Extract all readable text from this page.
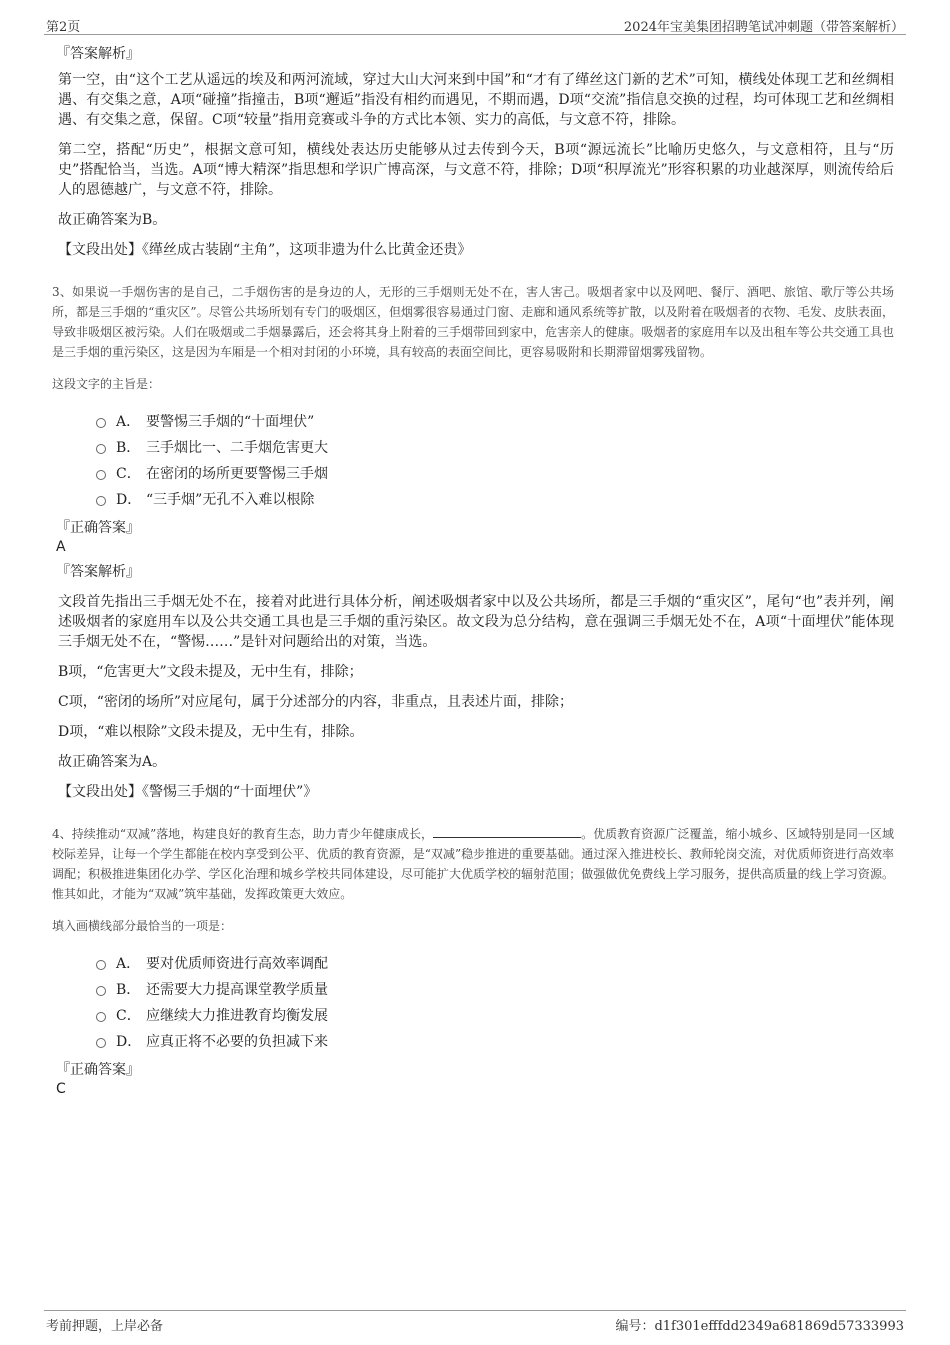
第2页	2024年宝美集团招聘笔试冲刺题（带答案解析）
『答案解析』

第一空，由“这个工艺从遥远的埃及和两河流域，穿过大山大河来到中国”和“才有了缂丝这门新的艺术”可知，横线处体现工艺和丝绸相遇、有交集之意，A项“碰撞”指撞击，B项“邂逅”指没有相约而遇见，不期而遇，D项“交流”指信息交换的过程，均可体现工艺和丝绸相遇、有交集之意，保留。C项“较量”指用竞赛或斗争的方式比本领、实力的高低，与文意不符，排除。

第二空，搭配“历史”，根据文意可知，横线处表达历史能够从过去传到今天，B项“源远流长”比喻历史悠久，与文意相符，且与“历史”搭配恰当，当选。A项“博大精深”指思想和学识广博高深，与文意不符，排除；D项“积厚流光”形容积累的功业越深厚，则流传给后人的恩德越广，与文意不符，排除。

故正确答案为B。

【文段出处】《缂丝成古装剧“主角”，这项非遗为什么比黄金还贵》

3、如果说一手烟伤害的是自己，二手烟伤害的是身边的人，无形的三手烟则无处不在，害人害己。吸烟者家中以及网吧、餐厅、酒吧、旅馆、歌厅等公共场所，都是三手烟的“重灾区”。尽管公共场所划有专门的吸烟区，但烟雾很容易通过门窗、走廊和通风系统等扩散，以及附着在吸烟者的衣物、毛发、皮肤表面，导致非吸烟区被污染。人们在吸烟或二手烟暴露后，还会将其身上附着的三手烟带回到家中，危害亲人的健康。吸烟者的家庭用车以及出租车等公共交通工具也是三手烟的重污染区，这是因为车厢是一个相对封闭的小环境，具有较高的表面空间比，更容易吸附和长期滞留烟雾残留物。

这段文字的主旨是：

A． 要警惕三手烟的“十面埋伏”
B． 三手烟比一、二手烟危害更大
C． 在密闭的场所更要警惕三手烟
D． “三手烟”无孔不入难以根除
『正确答案』
A
『答案解析』

文段首先指出三手烟无处不在，接着对此进行具体分析，阐述吸烟者家中以及公共场所，都是三手烟的“重灾区”，尾句“也”表并列，阐述吸烟者的家庭用车以及公共交通工具也是三手烟的重污染区。故文段为总分结构，意在强调三手烟无处不在，A项“十面埋伏”能体现三手烟无处不在，“警惕……”是针对问题给出的对策，当选。

B项，“危害更大”文段未提及，无中生有，排除；

C项，“密闭的场所”对应尾句，属于分述部分的内容，非重点，且表述片面，排除；

D项，“难以根除”文段未提及，无中生有，排除。

故正确答案为A。

【文段出处】《警惕三手烟的“十面埋伏”》

4、持续推动“双减”落地，构建良好的教育生态，助力青少年健康成长，	。优质教育资源广泛覆盖，缩小城乡、区域特别是同一区域校际差异，让每一个学生都能在校内享受到公平、优质的教育资源，是“双减”稳步推进的重要基础。通过深入推进校长、教师轮岗交流，对优质师资进行高效率调配；积极推进集团化办学、学区化治理和城乡学校共同体建设，尽可能扩大优质学校的辐射范围；做强做优免费线上学习服务，提供高质量的线上学习资源。惟其如此，才能为“双减”筑牢基础，发挥政策更大效应。

填入画横线部分最恰当的一项是：

A． 要对优质师资进行高效率调配
B． 还需要大力提高课堂教学质量
C． 应继续大力推进教育均衡发展
D． 应真正将不必要的负担减下来
『正确答案』
C
考前押题，上岸必备	编号：d1f301efffdd2349a681869d57333993
